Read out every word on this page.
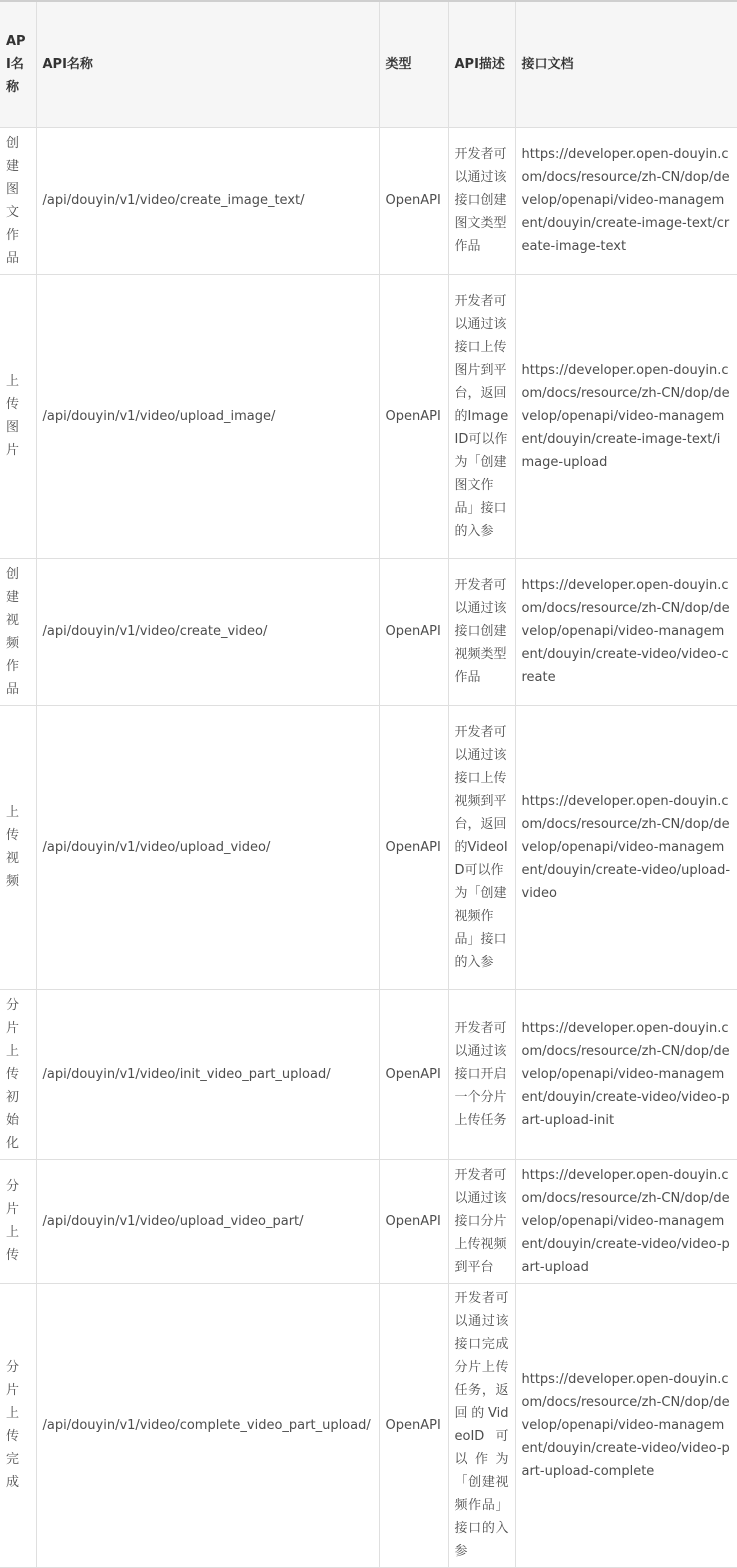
API名称	API名称	类型	API描述	接口文档
创建图文作品	/api/douyin/v1/video/create_image_text/	OpenAPI	开发者可以通过该接口创建图文类型作品	https://developer.open-douyin.com/docs/resource/zh-CN/dop/develop/openapi/video-management/douyin/create-image-text/create-image-text
上传图片	/api/douyin/v1/video/upload_image/	OpenAPI	开发者可以通过该接口上传图片到平台，返回的ImageID可以作为「创建图文作品」接口的入参	https://developer.open-douyin.com/docs/resource/zh-CN/dop/develop/openapi/video-management/douyin/create-image-text/image-upload
创建视频作品	/api/douyin/v1/video/create_video/	OpenAPI	开发者可以通过该接口创建视频类型作品	https://developer.open-douyin.com/docs/resource/zh-CN/dop/develop/openapi/video-management/douyin/create-video/video-create
上传视频	/api/douyin/v1/video/upload_video/	OpenAPI	开发者可以通过该接口上传视频到平台，返回的VideoID可以作为「创建视频作品」接口的入参	https://developer.open-douyin.com/docs/resource/zh-CN/dop/develop/openapi/video-management/douyin/create-video/upload-video
分片上传初始化	/api/douyin/v1/video/init_video_part_upload/	OpenAPI	开发者可以通过该接口开启一个分片上传任务	https://developer.open-douyin.com/docs/resource/zh-CN/dop/develop/openapi/video-management/douyin/create-video/video-part-upload-init
分片上传	/api/douyin/v1/video/upload_video_part/	OpenAPI	开发者可以通过该接口分片上传视频到平台	https://developer.open-douyin.com/docs/resource/zh-CN/dop/develop/openapi/video-management/douyin/create-video/video-part-upload
分片上传完成	/api/douyin/v1/video/complete_video_part_upload/	OpenAPI	开发者可以通过该接口完成分片上传任务，返回的VideoID可以作为「创建视频作品」接口的入参	https://developer.open-douyin.com/docs/resource/zh-CN/dop/develop/openapi/video-management/douyin/create-video/video-part-upload-complete
